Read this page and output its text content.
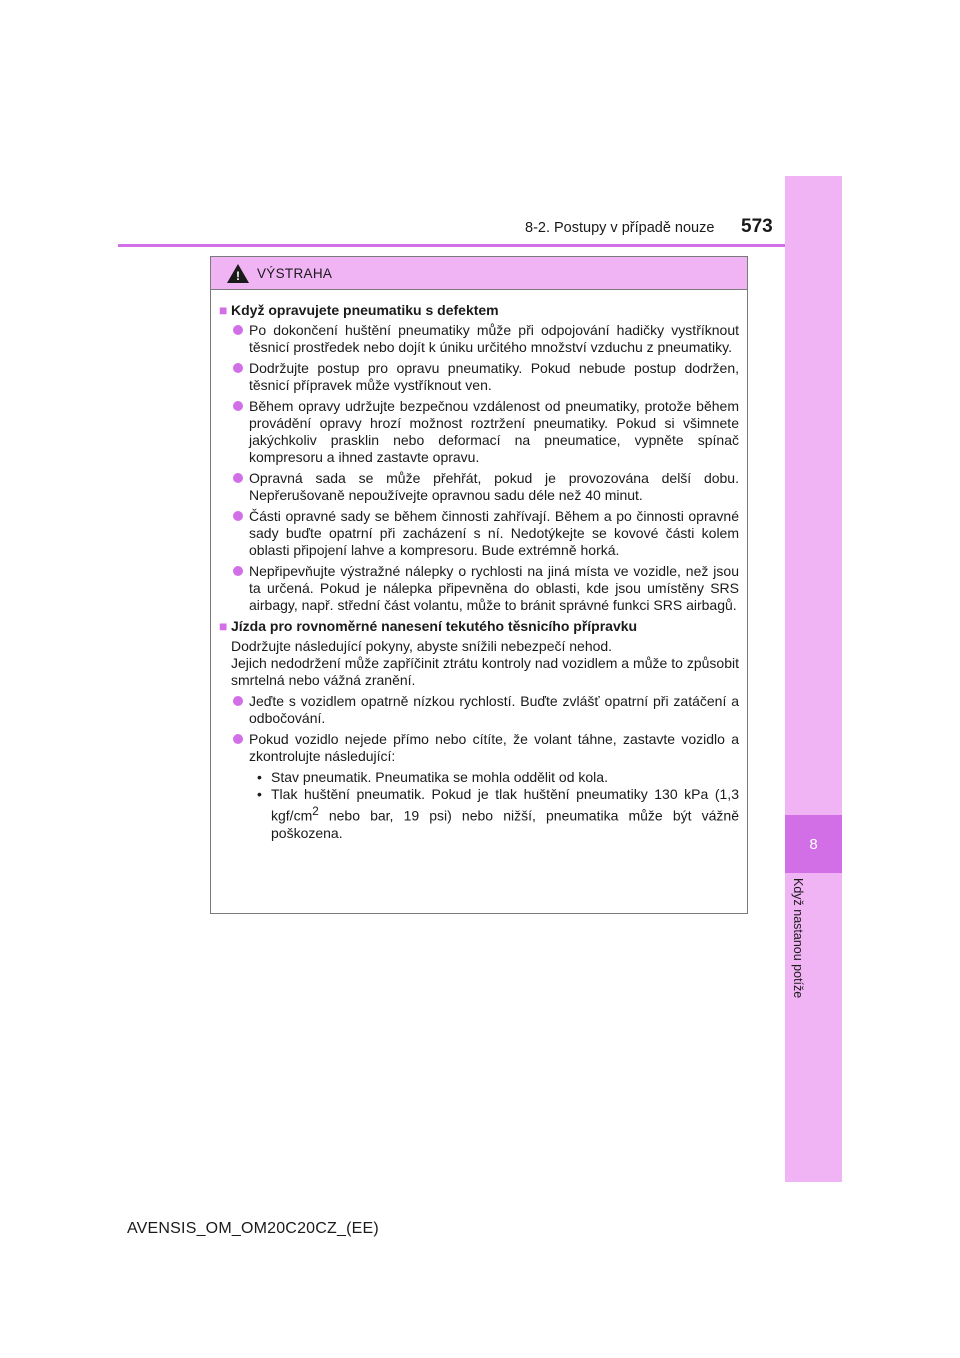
8
Když nastanou potíže
8-2. Postupy v případě nouze 573
! VÝSTRAHA
■ Když opravujete pneumatiku s defektem
Po dokončení huštění pneumatiky může při odpojování hadičky vystříknout těsnicí prostředek nebo dojít k úniku určitého množství vzduchu z pneumatiky.
Dodržujte postup pro opravu pneumatiky. Pokud nebude postup dodržen, těsnicí přípravek může vystříknout ven.
Během opravy udržujte bezpečnou vzdálenost od pneumatiky, protože během provádění opravy hrozí možnost roztržení pneumatiky. Pokud si všimnete jakýchkoliv prasklin nebo deformací na pneumatice, vypněte spínač kompresoru a ihned zastavte opravu.
Opravná sada se může přehřát, pokud je provozována delší dobu. Nepřerušovaně nepoužívejte opravnou sadu déle než 40 minut.
Části opravné sady se během činnosti zahřívají. Během a po činnosti opravné sady buďte opatrní při zacházení s ní. Nedotýkejte se kovové části kolem oblasti připojení lahve a kompresoru. Bude extrémně horká.
Nepřipevňujte výstražné nálepky o rychlosti na jiná místa ve vozidle, než jsou ta určená. Pokud je nálepka připevněna do oblasti, kde jsou umístěny SRS airbagy, např. střední část volantu, může to bránit správné funkci SRS airbagů.
■ Jízda pro rovnoměrné nanesení tekutého těsnicího přípravku
Dodržujte následující pokyny, abyste snížili nebezpečí nehod.
Jejich nedodržení může zapříčinit ztrátu kontroly nad vozidlem a může to způsobit smrtelná nebo vážná zranění.
Jeďte s vozidlem opatrně nízkou rychlostí. Buďte zvlášť opatrní při zatáčení a odbočování.
Pokud vozidlo nejede přímo nebo cítíte, že volant táhne, zastavte vozidlo a zkontrolujte následující:
• Stav pneumatik. Pneumatika se mohla oddělit od kola.
• Tlak huštění pneumatik. Pokud je tlak huštění pneumatiky 130 kPa (1,3 kgf/$cm^2$ nebo bar, 19 psi) nebo nižší, pneumatika může být vážně poškozena.
AVENSIS_OM_OM20C20CZ_(EE)
